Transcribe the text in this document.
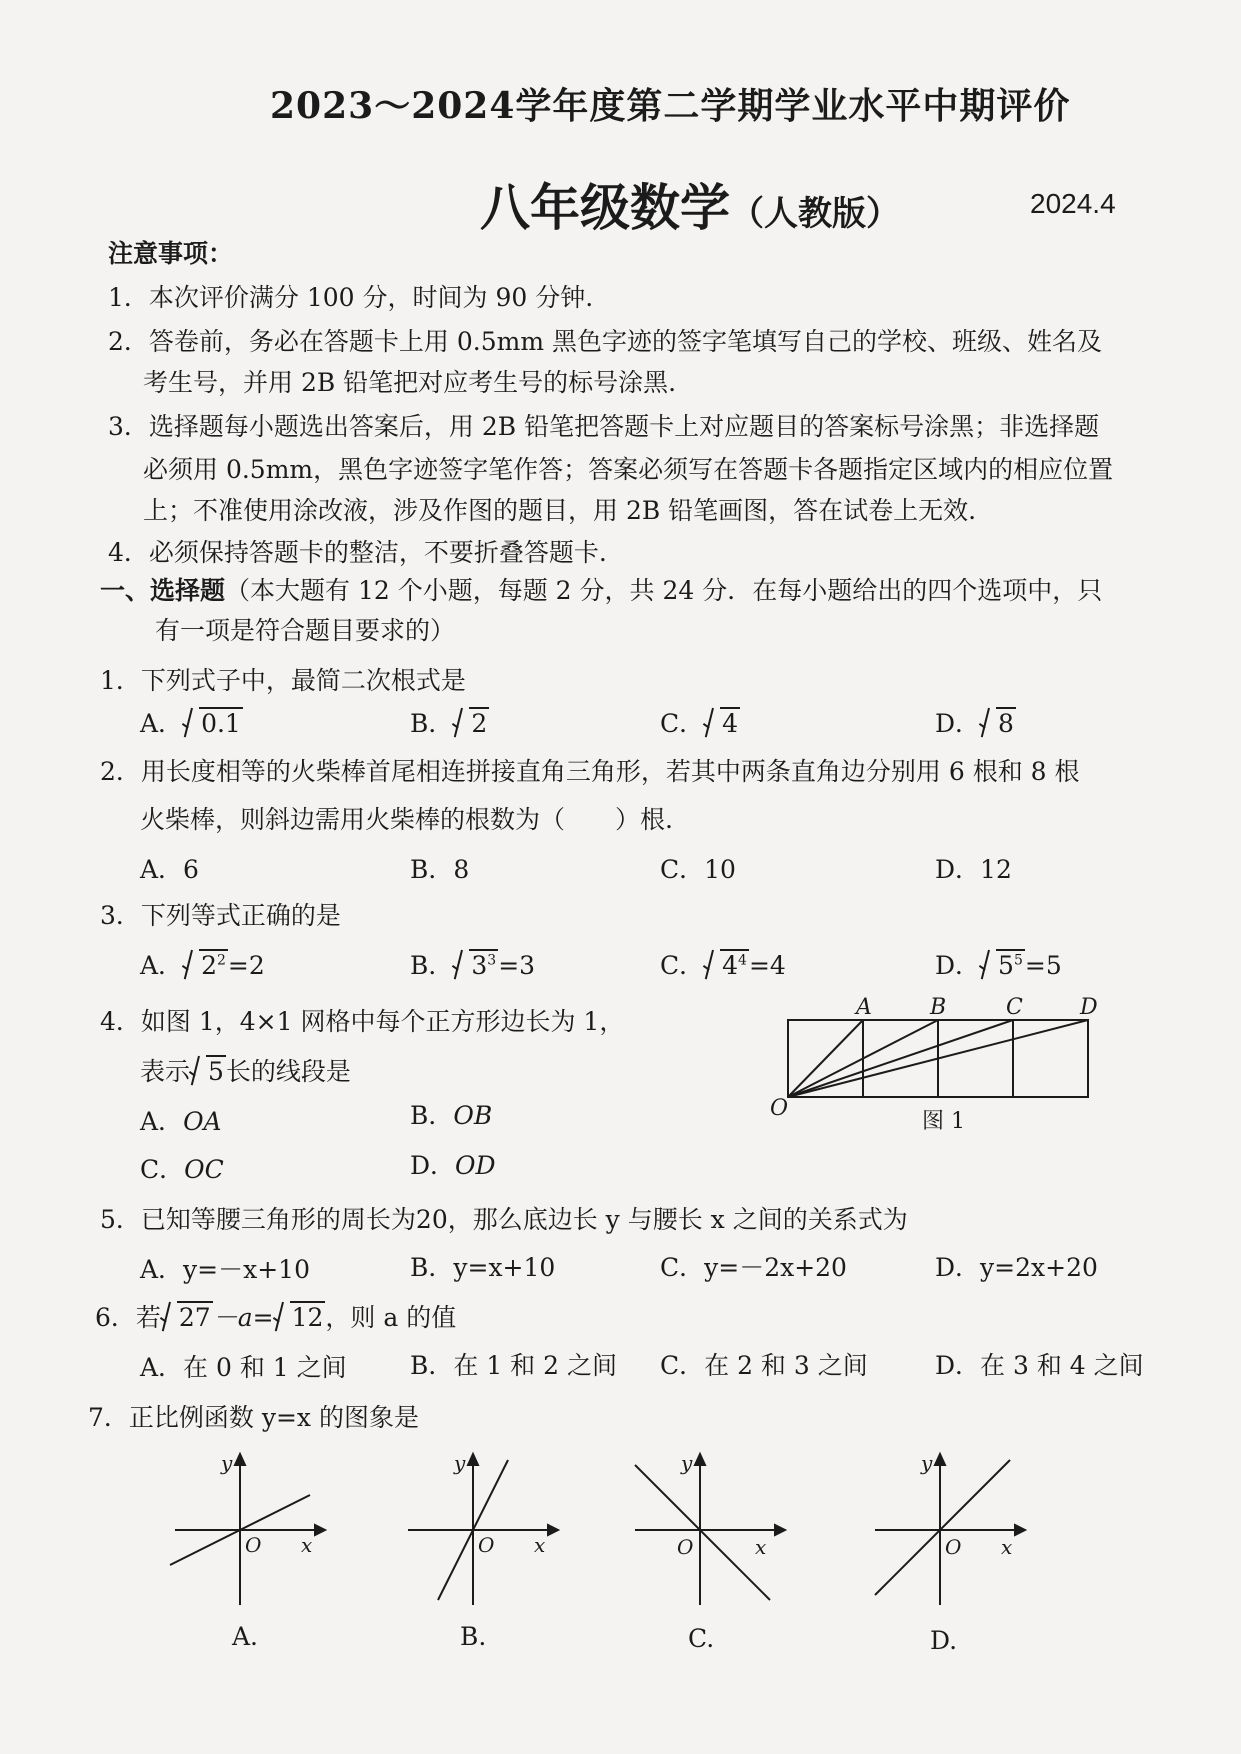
2023～2024学年度第二学期学业水平中期评价
八年级数学（人教版）	2024.4
注意事项：
1．本次评价满分 100 分，时间为 90 分钟.
2．答卷前，务必在答题卡上用 0.5mm 黑色字迹的签字笔填写自己的学校、班级、姓名及
考生号，并用 2B 铅笔把对应考生号的标号涂黑.
3．选择题每小题选出答案后，用 2B 铅笔把答题卡上对应题目的答案标号涂黑；非选择题
必须用 0.5mm，黑色字迹签字笔作答；答案必须写在答题卡各题指定区域内的相应位置
上；不准使用涂改液，涉及作图的题目，用 2B 铅笔画图，答在试卷上无效.
4．必须保持答题卡的整洁，不要折叠答题卡.
一、选择题（本大题有 12 个小题，每题 2 分，共 24 分．在每小题给出的四个选项中，只
有一项是符合题目要求的）
1．下列式子中，最简二次根式是
A． 0.1	B． 2	C． 4	D． 8
2．用长度相等的火柴棒首尾相连拼接直角三角形，若其中两条直角边分别用 6 根和 8 根
火柴棒，则斜边需用火柴棒的根数为（　　）根.
A．6	B．8	C．10	D．12
3．下列等式正确的是
A． $2^2=2$	B． $3^3=3$	C． $4^4=4$	D． $5^5=5$
4．如图 1，4×1 网格中每个正方形边长为 1，
表示 5长的线段是
A．OA	B．OB
C．OC	D．OD
A	B	C	D
O
图 1
5．已知等腰三角形的周长为20，那么底边长 y 与腰长 x 之间的关系式为
A．y=－x+10	B．y=x+10	C．y=－2x+20	D．y=2x+20
6．若 27－a= 12，则 a 的值
A．在 0 和 1 之间	B．在 1 和 2 之间 C．在 2 和 3 之间	D．在 3 和 4 之间
7．正比例函数 y=x 的图象是
y
O x
A.
y
O x
B.
y
O	x
C.
y
O x
D.
